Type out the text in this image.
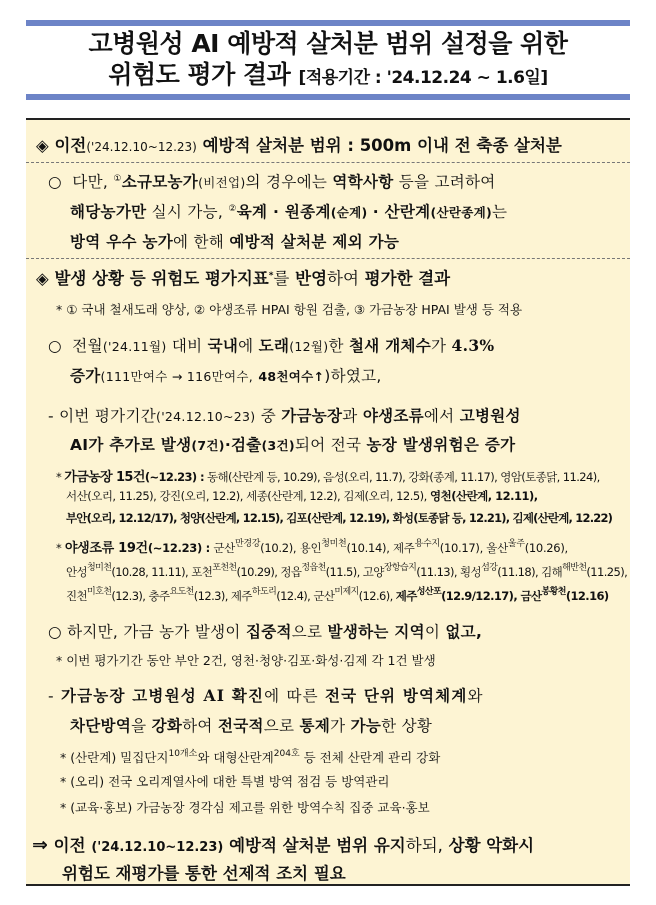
고병원성 AI 예방적 살처분 범위 설정을 위한
위험도 평가 결과 [적용기간 : '24.12.24 ~ 1.6일]
◈ 이전('24.12.10~12.23) 예방적 살처분 범위 : 500m 이내 전 축종 살처분
○ 다만, ①소규모농가(비전업)의 경우에는 역학사항 등을 고려하여
해당농가만 실시 가능, ②육계 · 원종계(순계) · 산란계(산란종계)는
방역 우수 농가에 한해 예방적 살처분 제외 가능
◈ 발생 상황 등 위험도 평가지표*를 반영하여 평가한 결과
* ① 국내 철새도래 양상, ② 야생조류 HPAI 항원 검출, ③ 가금농장 HPAI 발생 등 적용
○ 전월('24.11월) 대비 국내에 도래(12월)한 철새 개체수가 4.3%
증가(111만여수 → 116만여수, 48천여수↑)하였고,
- 이번 평가기간('24.12.10~23) 중 가금농장과 야생조류에서 고병원성
AI가 추가로 발생(7건)·검출(3건)되어 전국 농장 발생위험은 증가
* 가금농장 15건(~12.23) : 동해(산란계 등, 10.29), 음성(오리, 11.7), 강화(종계, 11.17), 영암(토종닭, 11.24),
서산(오리, 11.25), 강진(오리, 12.2), 세종(산란계, 12.2), 김제(오리, 12.5), 영천(산란계, 12.11),
부안(오리, 12.12/17), 청양(산란계, 12.15), 김포(산란계, 12.19), 화성(토종닭 등, 12.21), 김제(산란계, 12.22)
* 야생조류 19건(~12.23) : 군산$^{만경강}$(10.2), 용인$^{청미천}$(10.14), 제주$^{용수지}$(10.17), 울산$^{울주}$(10.26),
안성$^{청미천}$(10.28, 11.11), 포천$^{포천천}$(10.29), 정읍$^{정읍천}$(11.5), 고양$^{장항습지}$(11.13), 횡성$^{섬강}$(11.18), 김해$^{해반천}$(11.25),
진천$^{미호천}$(12.3), 충주$^{요도천}$(12.3), 제주$^{하도리}$(12.4), 군산$^{미제지}$(12.6), 제주$^{성산포}$(12.9/12.17), 금산$^{봉황천}$(12.16)
○ 하지만, 가금 농가 발생이 집중적으로 발생하는 지역이 없고,
* 이번 평가기간 동안 부안 2건, 영천·청양·김포·화성·김제 각 1건 발생
- 가금농장 고병원성 AI 확진에 따른 전국 단위 방역체계와
차단방역을 강화하여 전국적으로 통제가 가능한 상황
* (산란계) 밀집단지$^{10개소}$와 대형산란계$^{204호}$ 등 전체 산란계 관리 강화
* (오리) 전국 오리계열사에 대한 특별 방역 점검 등 방역관리
* (교육·홍보) 가금농장 경각심 제고를 위한 방역수칙 집중 교육·홍보
⇒ 이전 ('24.12.10~12.23) 예방적 살처분 범위 유지하되, 상황 악화시
위험도 재평가를 통한 선제적 조치 필요
